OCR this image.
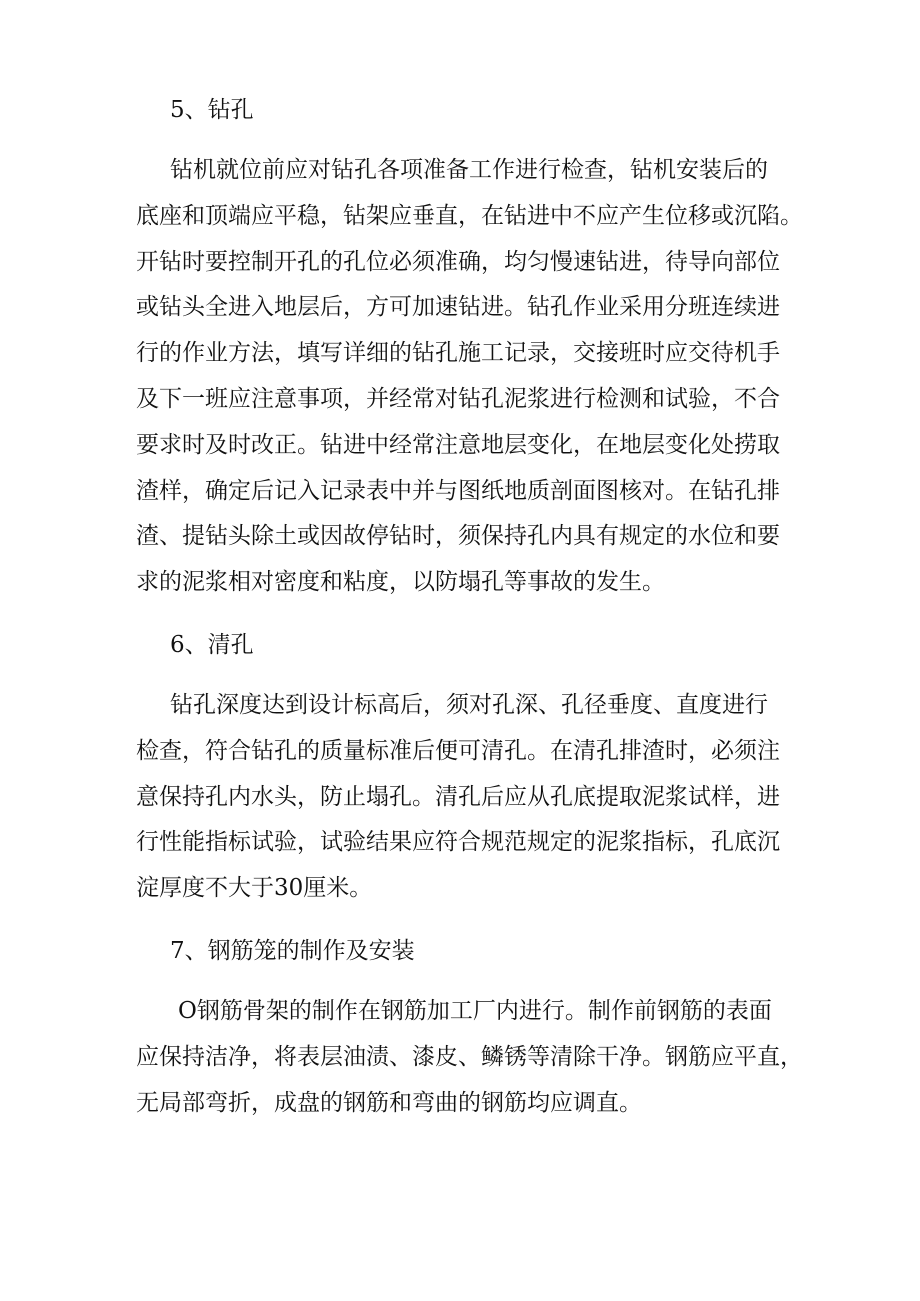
5、钻孔
钻机就位前应对钻孔各项准备工作进行检查，钻机安装后的
底座和顶端应平稳，钻架应垂直，在钻进中不应产生位移或沉陷。
开钻时要控制开孔的孔位必须准确，均匀慢速钻进，待导向部位
或钻头全进入地层后，方可加速钻进。钻孔作业采用分班连续进
行的作业方法，填写详细的钻孔施工记录，交接班时应交待机手
及下一班应注意事项，并经常对钻孔泥浆进行检测和试验，不合
要求时及时改正。钻进中经常注意地层变化，在地层变化处捞取
渣样，确定后记入记录表中并与图纸地质剖面图核对。在钻孔排
渣、提钻头除土或因故停钻时，须保持孔内具有规定的水位和要
求的泥浆相对密度和粘度，以防塌孔等事故的发生。
6、清孔
钻孔深度达到设计标高后，须对孔深、孔径垂度、直度进行
检查，符合钻孔的质量标准后便可清孔。在清孔排渣时，必须注
意保持孔内水头，防止塌孔。清孔后应从孔底提取泥浆试样，进
行性能指标试验，试验结果应符合规范规定的泥浆指标，孔底沉
淀厚度不大于30厘米。
7、钢筋笼的制作及安装
O钢筋骨架的制作在钢筋加工厂内进行。制作前钢筋的表面
应保持洁净，将表层油渍、漆皮、鳞锈等清除干净。钢筋应平直，
无局部弯折，成盘的钢筋和弯曲的钢筋均应调直。
